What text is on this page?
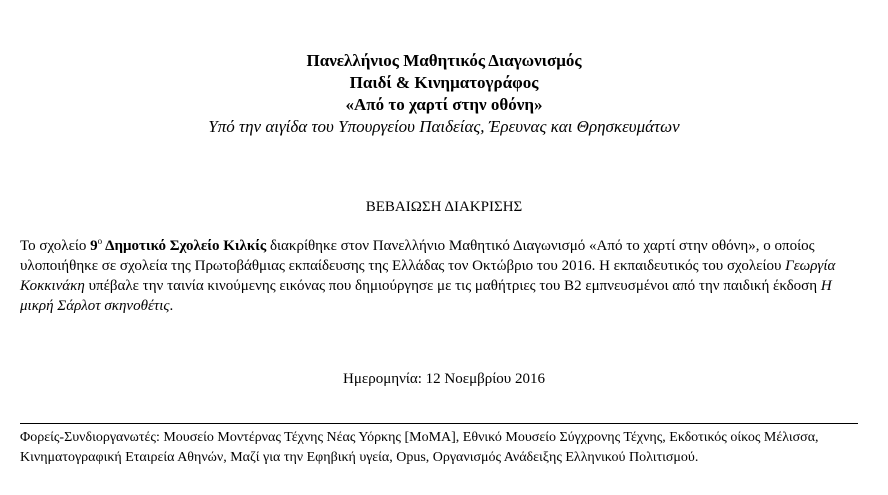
Πανελλήνιος Μαθητικός Διαγωνισμός
Παιδί & Κινηματογράφος
«Από το χαρτί στην οθόνη»
Υπό την αιγίδα του Υπουργείου Παιδείας, Έρευνας και Θρησκευμάτων
ΒΕΒΑΙΩΣΗ ΔΙΑΚΡΙΣΗΣ
Το σχολείο $9^o$ Δημοτικό Σχολείο Κιλκίς διακρίθηκε στον Πανελλήνιο Μαθητικό Διαγωνισμό «Από το χαρτί στην οθόνη», ο οποίος υλοποιήθηκε σε σχολεία της Πρωτοβάθμιας εκπαίδευσης της Ελλάδας τον Οκτώβριο του 2016. Η εκπαιδευτικός του σχολείου Γεωργία Κοκκινάκη υπέβαλε την ταινία κινούμενης εικόνας που δημιούργησε με τις μαθήτριες του Β2 εμπνευσμένοι από την παιδική έκδοση Η μικρή Σάρλοτ σκηνοθέτις.
Ημερομηνία: 12 Νοεμβρίου 2016
Φορείς-Συνδιοργανωτές: Μουσείο Μοντέρνας Τέχνης Νέας Υόρκης [MoMA], Εθνικό Μουσείο Σύγχρονης Τέχνης, Εκδοτικός οίκος Μέλισσα, Κινηματογραφική Εταιρεία Αθηνών, Μαζί για την Εφηβική υγεία, Opus, Οργανισμός Ανάδειξης Ελληνικού Πολιτισμού.
